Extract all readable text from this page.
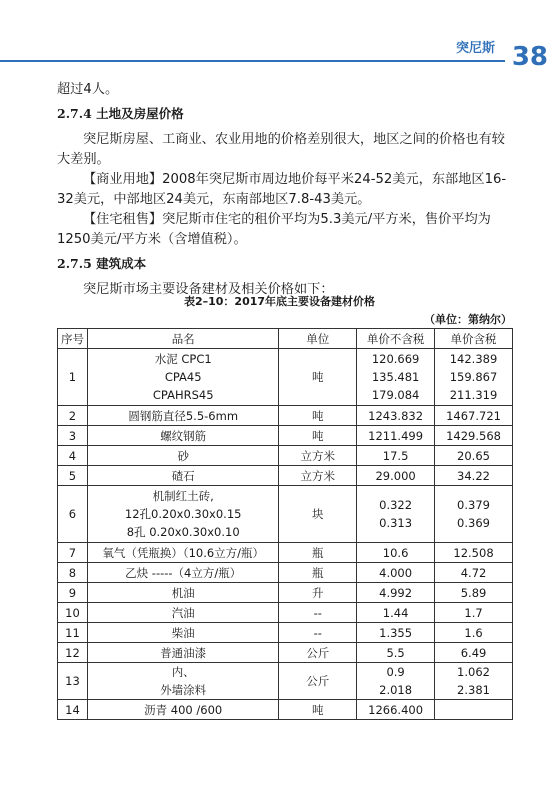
突尼斯 38

超过4人。

2.7.4 土地及房屋价格

突尼斯房屋、工商业、农业用地的价格差别很大，地区之间的价格也有较大差别。

【商业用地】2008年突尼斯市周边地价每平米24-52美元，东部地区16-32美元，中部地区24美元，东南部地区7.8-43美元。

【住宅租售】突尼斯市住宅的租价平均为5.3美元/平方米，售价平均为1250美元/平方米（含增值税）。

2.7.5 建筑成本

突尼斯市场主要设备建材及相关价格如下：

表2–10：2017年底主要设备建材价格
（单位：第纳尔）
序号	品名	单位	单价不含税	单价含税
1	水泥 CPC1
CPA45
CPAHRS45	吨	120.669
135.481
179.084	142.389
159.867
211.319

2	圆钢筋直径5.5-6mm	吨	1243.832	1467.721

3	螺纹钢筋	吨	1211.499	1429.568

4	砂	立方米	17.5	20.65

5	碴石	立方米	29.000	34.22

6	机制红土砖,
12孔0.20x0.30x0.15
8孔 0.20x0.30x0.10	块	0.322
0.313	0.379
0.369

7	氧气（凭瓶换）（10.6立方/瓶）	瓶	10.6	12.508

8	乙炔 -----（4立方/瓶）	瓶	4.000	4.72

9	机油	升	4.992	5.89

10	汽油	--	1.44	1.7

11	柴油	--	1.355	1.6

12	普通油漆	公斤	5.5	6.49

13	内、
外墙涂料	公斤	0.9
2.018	1.062
2.381

14	沥青 400 /600	吨	1266.400	
